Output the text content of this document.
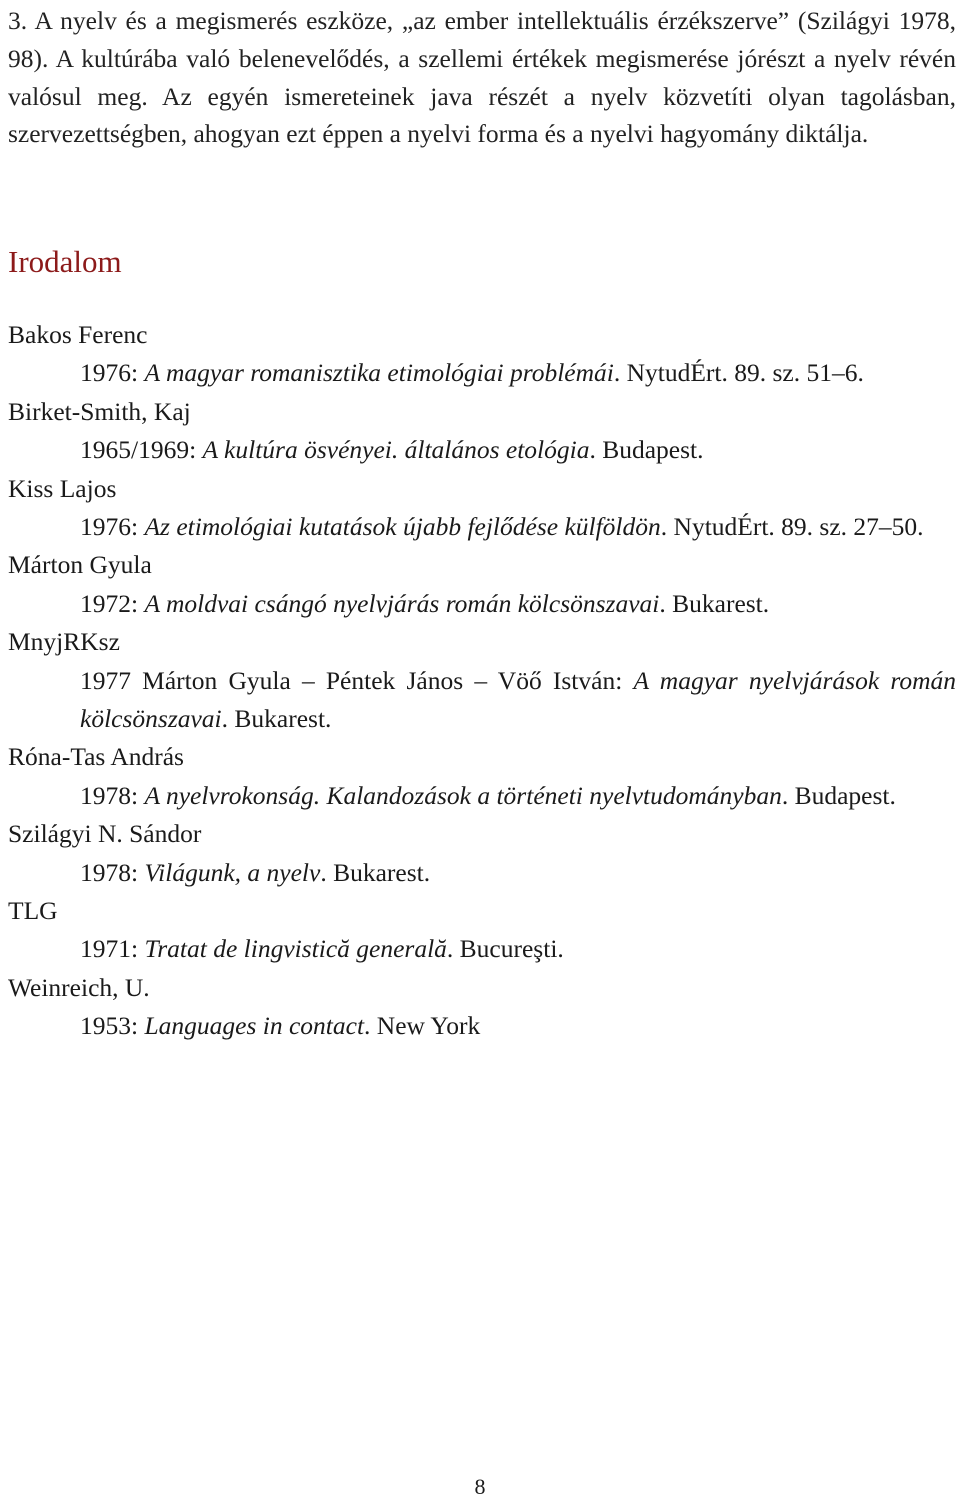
3. A nyelv és a megismerés eszköze, „az ember intellektuális érzékszerve” (Szilágyi 1978, 98). A kultúrába való belenevelődés, a szellemi értékek megismerése jórészt a nyelv révén valósul meg. Az egyén ismereteinek java részét a nyelv közvetíti olyan tagolásban, szervezettségben, ahogyan ezt éppen a nyelvi forma és a nyelvi hagyomány diktálja.

Irodalom
Bakos Ferenc
1976: A magyar romanisztika etimológiai problémái. NytudÉrt. 89. sz. 51–6.
Birket-Smith, Kaj
1965/1969: A kultúra ösvényei. általános etológia. Budapest.
Kiss Lajos
1976: Az etimológiai kutatások újabb fejlődése külföldön. NytudÉrt. 89. sz. 27–50.
Márton Gyula
1972: A moldvai csángó nyelvjárás román kölcsönszavai. Bukarest.
MnyjRKsz
1977 Márton Gyula – Péntek János – Vöő István: A magyar nyelvjárások román kölcsönszavai. Bukarest.
Róna-Tas András
1978: A nyelvrokonság. Kalandozások a történeti nyelvtudományban. Budapest.
Szilágyi N. Sándor
1978: Világunk, a nyelv. Bukarest.
TLG
1971: Tratat de lingvistică generală. Bucureşti.
Weinreich, U.
1953: Languages in contact. New York
8
